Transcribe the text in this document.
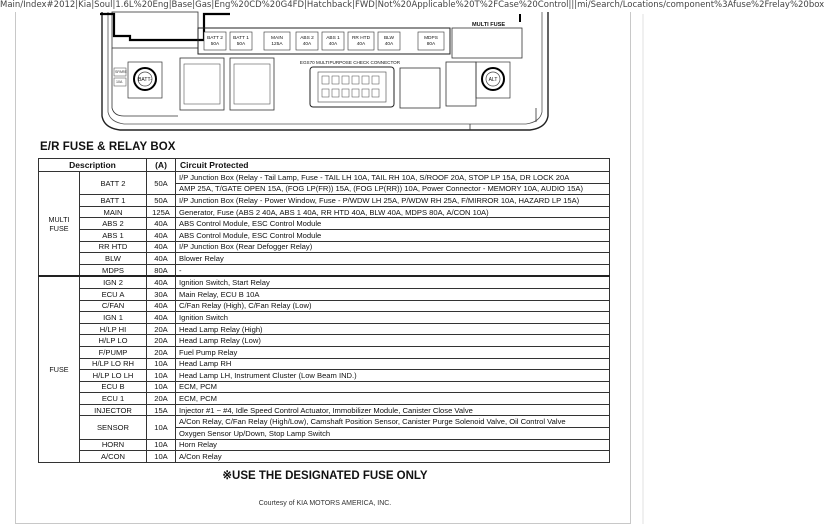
Main/Index#2012|Kia|Soul|1.6L%20Eng|Base|Gas|Eng%20CD%20G4FD|Hatchback|FWD|Not%20Applicable%20T%2FCase%20Control|||mi/Search/Locations/component%3Afuse%2Frelay%20box
BATT 2
50A
BATT 1
50A
MAIN
125A
ABS 2
40A
ABS 1
40A
RR HTD
40A
BLW
40A
MDPS
80A
MULTI FUSE
BATT-
SPARE
10A
EGS70 MULTIPURPOSE CHECK CONNECTOR
ALT
E/R FUSE & RELAY BOX
Description		(A)	Circuit Protected
MULTI
FUSE	BATT 2	50A	I/P Junction Box (Relay - Tail Lamp, Fuse - TAIL LH 10A, TAIL RH 10A, S/ROOF 20A, STOP LP 15A, DR LOCK 20A
			AMP 25A, T/GATE OPEN 15A, (FOG LP(FR)) 15A, (FOG LP(RR)) 10A, Power Connector - MEMORY 10A, AUDIO 15A)
	BATT 1	50A	I/P Junction Box (Relay - Power Window, Fuse - P/WDW LH 25A, P/WDW RH 25A, F/MIRROR 10A, HAZARD LP 15A)
	MAIN	125A	Generator, Fuse (ABS 2 40A, ABS 1 40A, RR HTD 40A, BLW 40A, MDPS 80A, A/CON 10A)
	ABS 2	40A	ABS Control Module, ESC Control Module
	ABS 1	40A	ABS Control Module, ESC Control Module
	RR HTD	40A	I/P Junction Box (Rear Defogger Relay)
	BLW	40A	Blower Relay
	MDPS	80A	-
FUSE	IGN 2	40A	Ignition Switch, Start Relay
	ECU A	30A	Main Relay, ECU B 10A
	C/FAN	40A	C/Fan Relay (High), C/Fan Relay (Low)
	IGN 1	40A	Ignition Switch
	H/LP HI	20A	Head Lamp Relay (High)
	H/LP LO	20A	Head Lamp Relay (Low)
	F/PUMP	20A	Fuel Pump Relay
	H/LP LO RH	10A	Head Lamp RH
	H/LP LO LH	10A	Head Lamp LH, Instrument Cluster (Low Beam IND.)
	ECU B	10A	ECM, PCM
	ECU 1	20A	ECM, PCM
	INJECTOR	15A	Injector #1 ~ #4, Idle Speed Control Actuator, Immobilizer Module, Canister Close Valve
	SENSOR	10A	A/Con Relay, C/Fan Relay (High/Low), Camshaft Position Sensor, Canister Purge Solenoid Valve, Oil Control Valve
			Oxygen Sensor Up/Down, Stop Lamp Switch
	HORN	10A	Horn Relay
	A/CON	10A	A/Con Relay
※USE THE DESIGNATED FUSE ONLY
Courtesy of KIA MOTORS AMERICA, INC.
